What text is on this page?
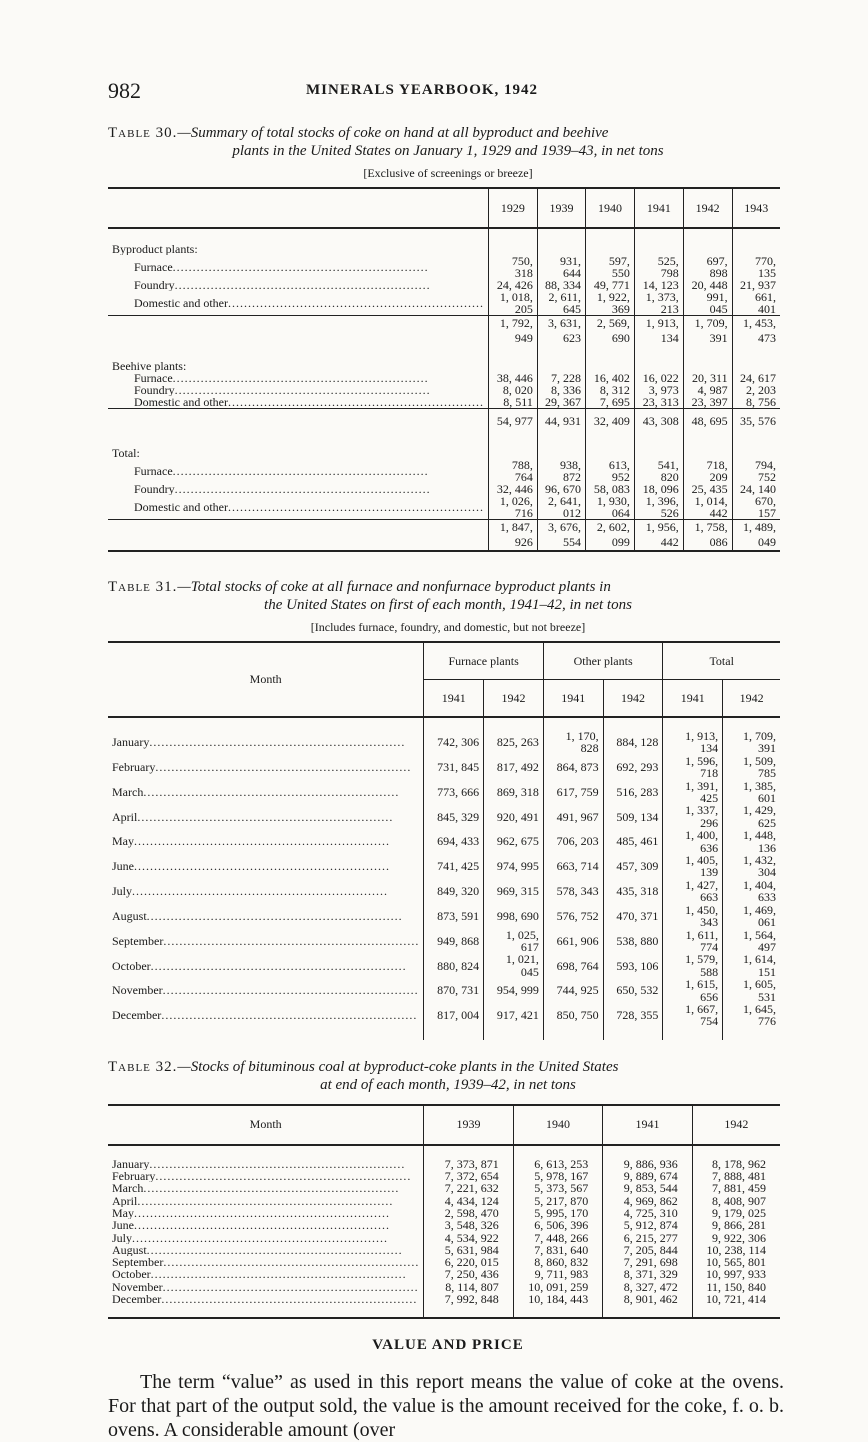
982	MINERALS YEARBOOK, 1942

Table 30.—Summary of total stocks of coke on hand at all byproduct and beehive
plants in the United States on January 1, 1929 and 1939–43, in net tons

[Exclusive of screenings or breeze]
	1929	1939	1940	1941	1942	1943

Byproduct plants:						
Furnace .....	750, 318	931, 644	597, 550	525, 798	697, 898	770, 135
Foundry .....	24, 426	88, 334	49, 771	14, 123	20, 448	21, 937
Domestic and other .....	1, 018, 205	2, 611, 645	1, 922, 369	1, 373, 213	991, 045	661, 401
	1, 792, 949	3, 631, 623	2, 569, 690	1, 913, 134	1, 709, 391	1, 453, 473

Beehive plants:						
Furnace .....	38, 446	7, 228	16, 402	16, 022	20, 311	24, 617
Foundry .....	8, 020	8, 336	8, 312	3, 973	4, 987	2, 203
Domestic and other .....	8, 511	29, 367	7, 695	23, 313	23, 397	8, 756
	54, 977	44, 931	32, 409	43, 308	48, 695	35, 576

Total:						
Furnace .....	788, 764	938, 872	613, 952	541, 820	718, 209	794, 752
Foundry .....	32, 446	96, 670	58, 083	18, 096	25, 435	24, 140
Domestic and other .....	1, 026, 716	2, 641, 012	1, 930, 064	1, 396, 526	1, 014, 442	670, 157
	1, 847, 926	3, 676, 554	2, 602, 099	1, 956, 442	1, 758, 086	1, 489, 049

Table 31.—Total stocks of coke at all furnace and nonfurnace byproduct plants in
the United States on first of each month, 1941–42, in net tons

[Includes furnace, foundry, and domestic, but not breeze]
Month	Furnace plants		Other plants		Total	
	1941	1942	1941	1942	1941	1942

January .....	742, 306	825, 263	1, 170, 828	884, 128	1, 913, 134	1, 709, 391
February .....	731, 845	817, 492	864, 873	692, 293	1, 596, 718	1, 509, 785
March .....	773, 666	869, 318	617, 759	516, 283	1, 391, 425	1, 385, 601
April .....	845, 329	920, 491	491, 967	509, 134	1, 337, 296	1, 429, 625
May .....	694, 433	962, 675	706, 203	485, 461	1, 400, 636	1, 448, 136
June .....	741, 425	974, 995	663, 714	457, 309	1, 405, 139	1, 432, 304
July .....	849, 320	969, 315	578, 343	435, 318	1, 427, 663	1, 404, 633
August .....	873, 591	998, 690	576, 752	470, 371	1, 450, 343	1, 469, 061
September .....	949, 868	1, 025, 617	661, 906	538, 880	1, 611, 774	1, 564, 497
October .....	880, 824	1, 021, 045	698, 764	593, 106	1, 579, 588	1, 614, 151
November .....	870, 731	954, 999	744, 925	650, 532	1, 615, 656	1, 605, 531
December .....	817, 004	917, 421	850, 750	728, 355	1, 667, 754	1, 645, 776

Table 32.—Stocks of bituminous coal at byproduct-coke plants in the United States
at end of each month, 1939–42, in net tons

Month	1939	1940	1941	1942

January .....	7, 373, 871	6, 613, 253	9, 886, 936	8, 178, 962
February .....	7, 372, 654	5, 978, 167	9, 889, 674	7, 888, 481
March .....	7, 221, 632	5, 373, 567	9, 853, 544	7, 881, 459
April .....	4, 434, 124	5, 217, 870	4, 969, 862	8, 408, 907
May .....	2, 598, 470	5, 995, 170	4, 725, 310	9, 179, 025
June .....	3, 548, 326	6, 506, 396	5, 912, 874	9, 866, 281
July .....	4, 534, 922	7, 448, 266	6, 215, 277	9, 922, 306
August .....	5, 631, 984	7, 831, 640	7, 205, 844	10, 238, 114
September .....	6, 220, 015	8, 860, 832	7, 291, 698	10, 565, 801
October .....	7, 250, 436	9, 711, 983	8, 371, 329	10, 997, 933
November .....	8, 114, 807	10, 091, 259	8, 327, 472	11, 150, 840
December .....	7, 992, 848	10, 184, 443	8, 901, 462	10, 721, 414

VALUE AND PRICE

The term “value” as used in this report means the value of coke at the ovens. For that part of the output sold, the value is the amount received for the coke, f. o. b. ovens. A considerable amount (over
